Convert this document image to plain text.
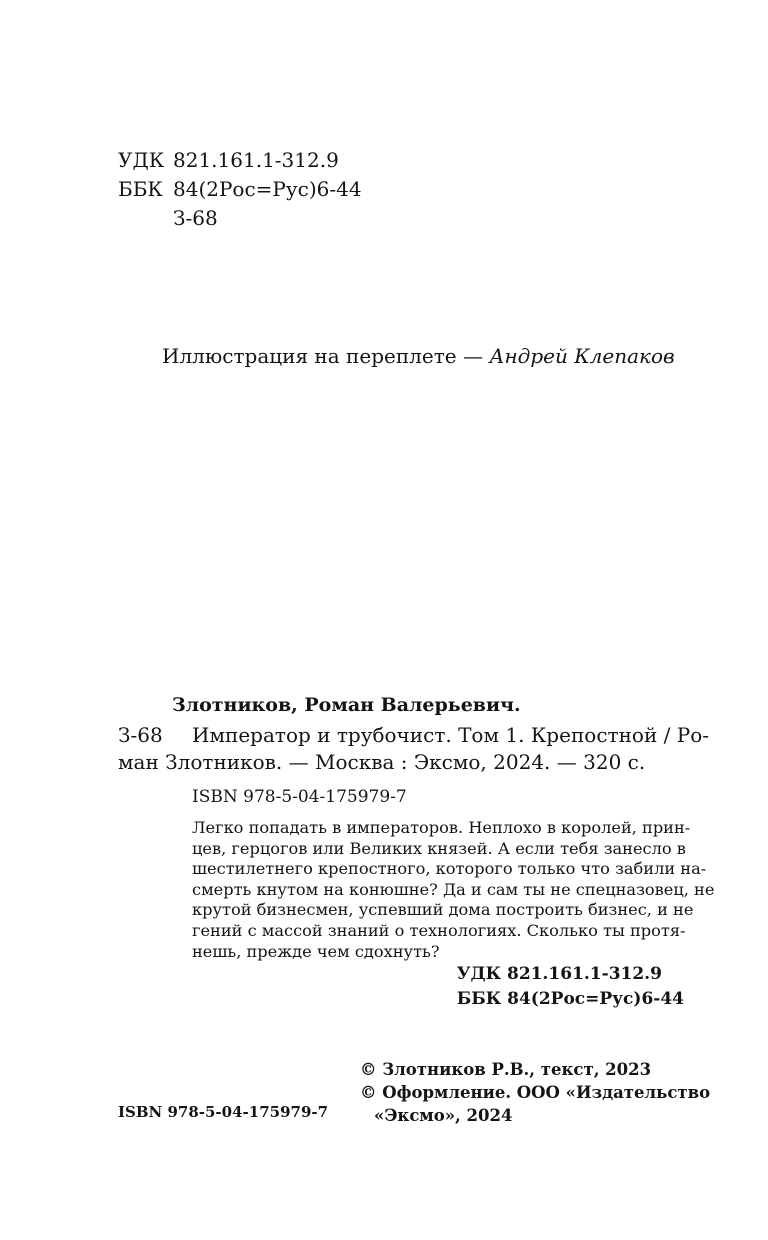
УДК 821.161.1-312.9
ББК 84(2Рос=Рус)6-44
З-68
Иллюстрация на переплете — Андрей Клепаков
Злотников, Роман Валерьевич.
З-68 Император и трубочист. Том 1. Крепостной / Ро-
ман Злотников. — Москва : Эксмо, 2024. — 320 с.
ISBN 978-5-04-175979-7
Легко попадать в императоров. Неплохо в королей, прин-
цев, герцогов или Великих князей. А если тебя занесло в
шестилетнего крепостного, которого только что забили на-
смерть кнутом на конюшне? Да и сам ты не спецназовец, не
крутой бизнесмен, успевший дома построить бизнес, и не
гений с массой знаний о технологиях. Сколько ты протя-
нешь, прежде чем сдохнуть?
УДК 821.161.1-312.9
ББК 84(2Рос=Рус)6-44
© Злотников Р.В., текст, 2023
© Оформление. ООО «Издательство
«Эксмо», 2024
ISBN 978-5-04-175979-7
